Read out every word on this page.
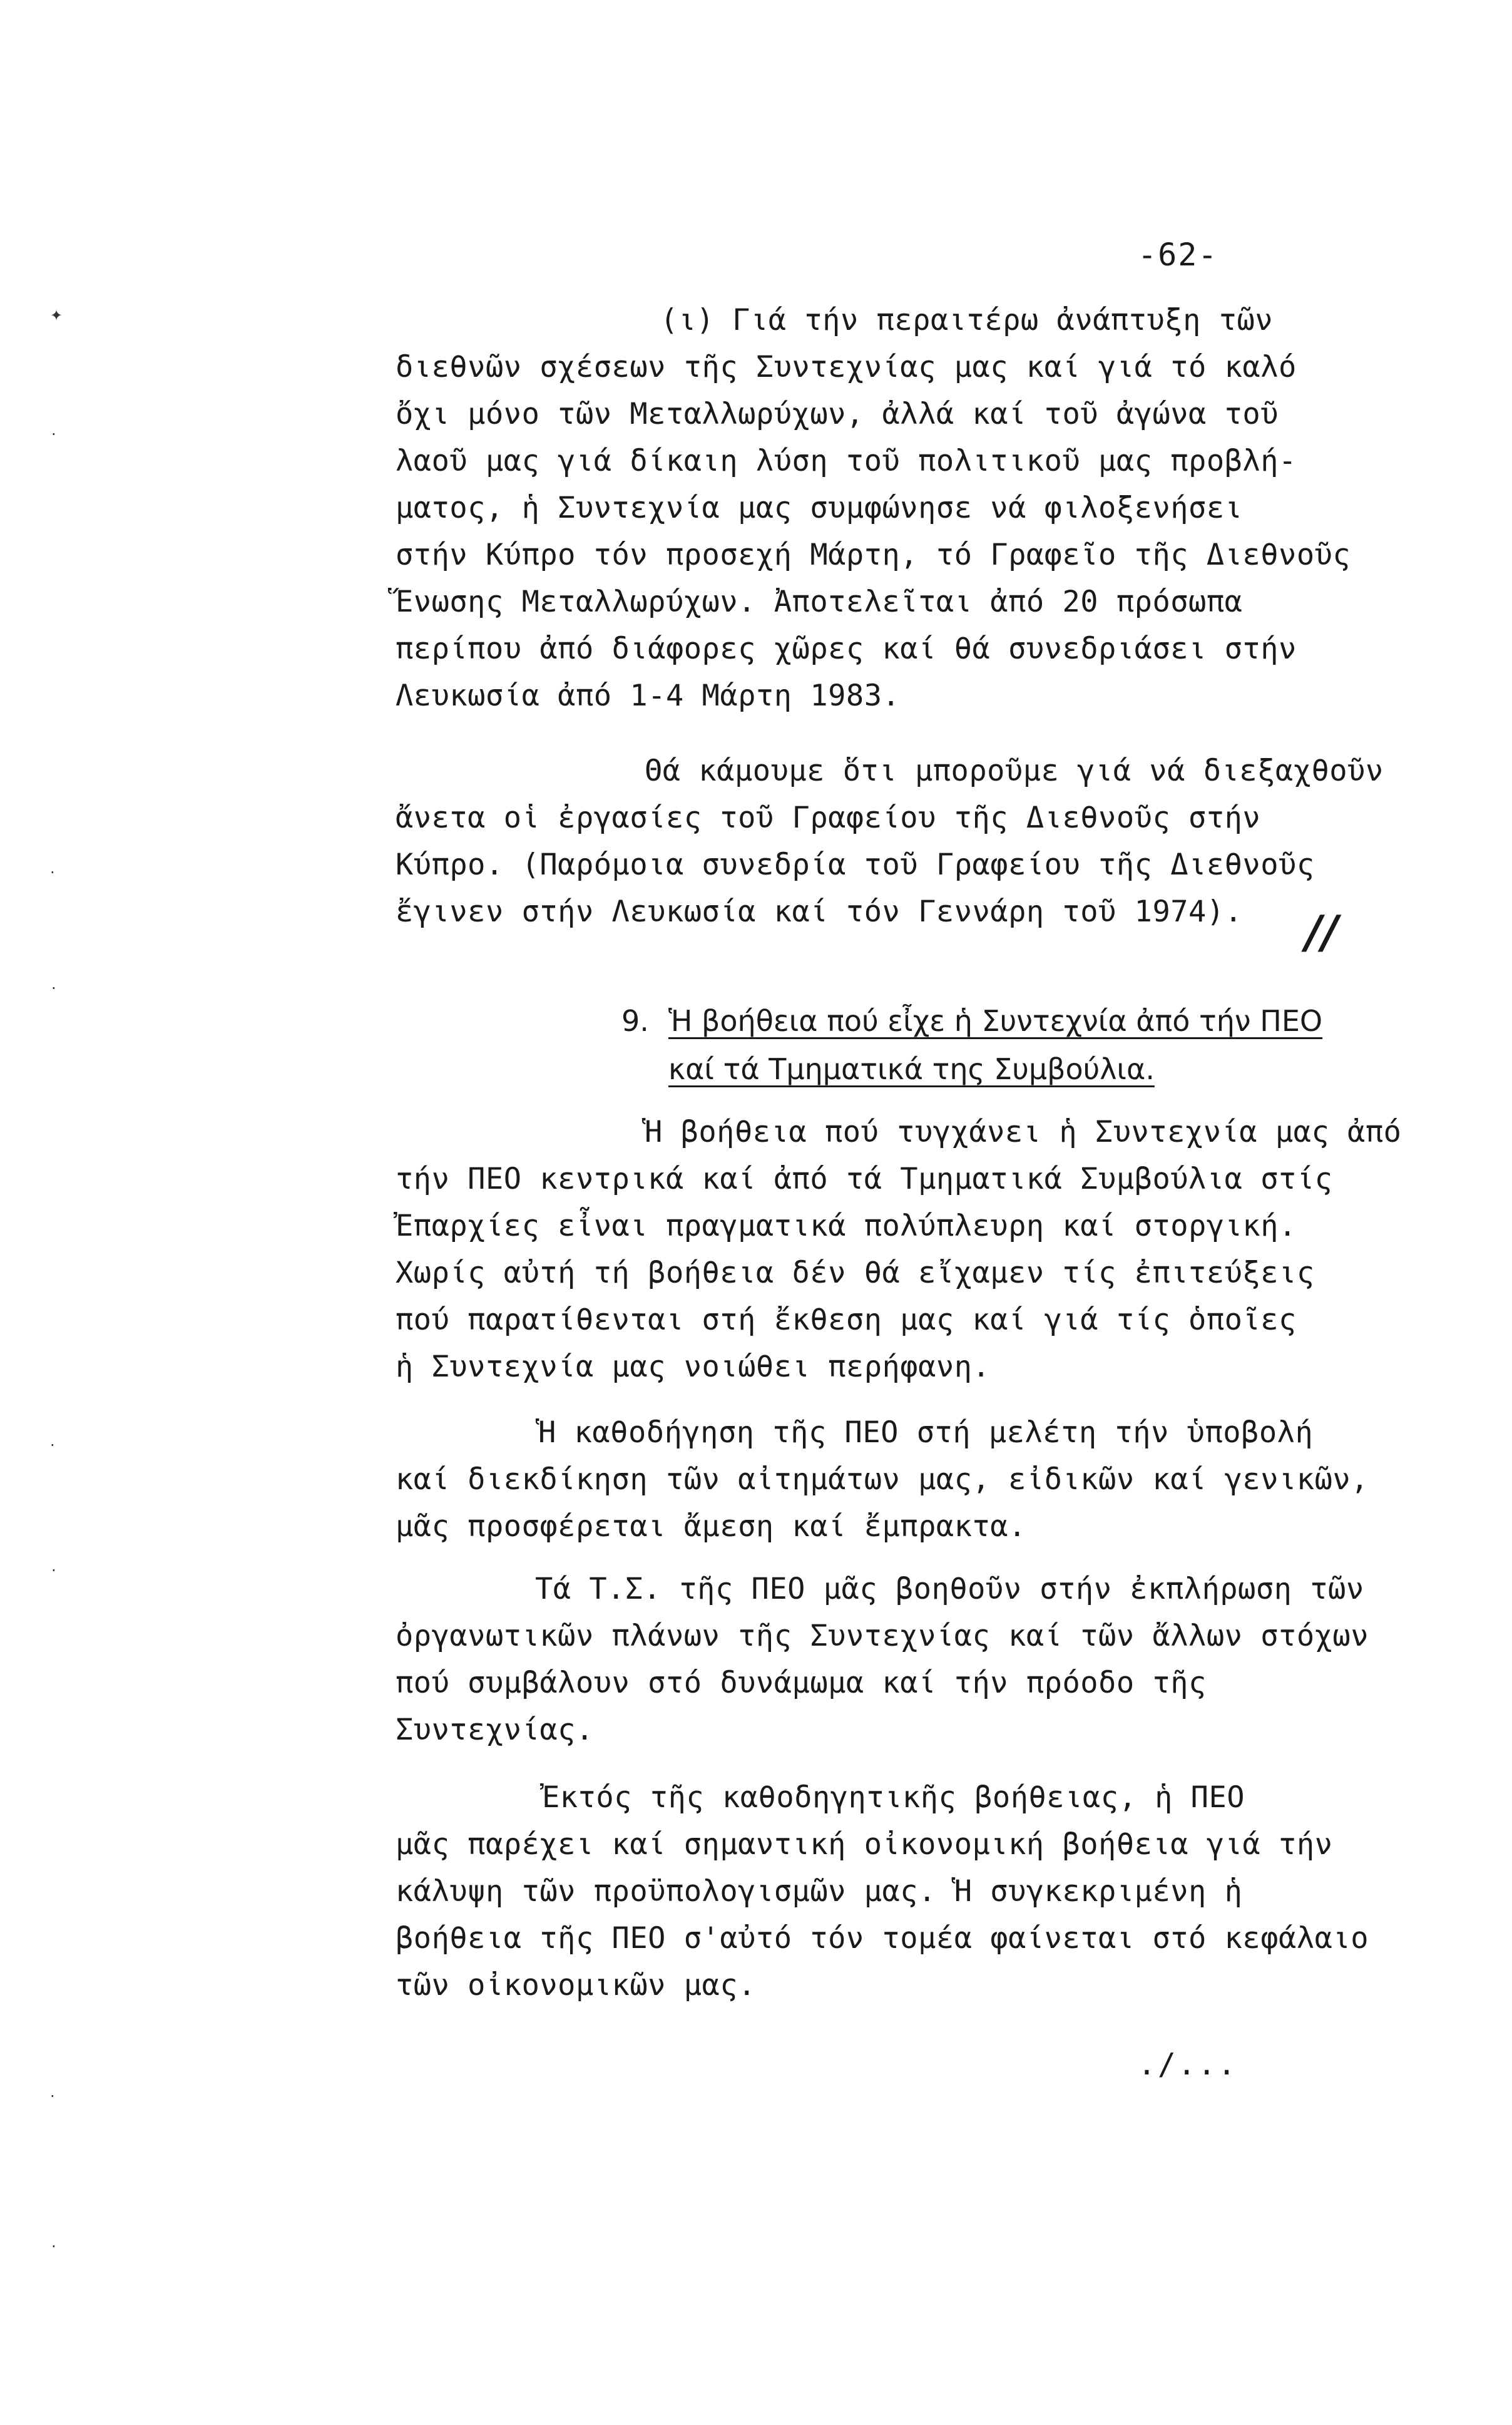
-62-
(ι) Γιά τήν περαιτέρω ἀνάπτυξη τῶν
διεθνῶν σχέσεων τῆς Συντεχνίας μας καί γιά τό καλό
ὄχι μόνο τῶν Μεταλλωρύχων, ἀλλά καί τοῦ ἀγώνα τοῦ
λαοῦ μας γιά δίκαιη λύση τοῦ πολιτικοῦ μας προβλή-
ματος, ἡ Συντεχνία μας συμφώνησε νά φιλοξενήσει
στήν Κύπρο τόν προσεχή Μάρτη, τό Γραφεῖο τῆς Διεθνοῦς
Ἕνωσης Μεταλλωρύχων. Ἀποτελεῖται ἀπό 20 πρόσωπα
περίπου ἀπό διάφορες χῶρες καί θά συνεδριάσει στήν
Λευκωσία ἀπό 1-4 Μάρτη 1983.
Θά κάμουμε ὅτι μποροῦμε γιά νά διεξαχθοῦν
ἄνετα οἱ ἐργασίες τοῦ Γραφείου τῆς Διεθνοῦς στήν
Κύπρο. (Παρόμοια συνεδρία τοῦ Γραφείου τῆς Διεθνοῦς
ἔγινεν στήν Λευκωσία καί τόν Γεννάρη τοῦ 1974). //
9. Ἡ βοήθεια πού εἶχε ἡ Συντεχνία ἀπό τήν ΠΕΟ
καί τά Τμηματικά της Συμβούλια.
Ἡ βοήθεια πού τυγχάνει ἡ Συντεχνία μας ἀπό
τήν ΠΕΟ κεντρικά καί ἀπό τά Τμηματικά Συμβούλια στίς
Ἐπαρχίες εἶναι πραγματικά πολύπλευρη καί στοργική.
Χωρίς αὐτή τή βοήθεια δέν θά εἴχαμεν τίς ἐπιτεύξεις
πού παρατίθενται στή ἔκθεση μας καί γιά τίς ὁποῖες
ἡ Συντεχνία μας νοιώθει περήφανη.
Ἡ καθοδήγηση τῆς ΠΕΟ στή μελέτη τήν ὑποβολή
καί διεκδίκηση τῶν αἰτημάτων μας, εἰδικῶν καί γενικῶν,
μᾶς προσφέρεται ἄμεση καί ἔμπρακτα.
Τά Τ.Σ. τῆς ΠΕΟ μᾶς βοηθοῦν στήν ἐκπλήρωση τῶν
ὀργανωτικῶν πλάνων τῆς Συντεχνίας καί τῶν ἄλλων στόχων
πού συμβάλουν στό δυνάμωμα καί τήν πρόοδο τῆς
Συντεχνίας.
Ἐκτός τῆς καθοδηγητικῆς βοήθειας, ἡ ΠΕΟ
μᾶς παρέχει καί σημαντική οἰκονομική βοήθεια γιά τήν
κάλυψη τῶν προϋπολογισμῶν μας. Ἡ συγκεκριμένη ἡ
βοήθεια τῆς ΠΕΟ σ'αὐτό τόν τομέα φαίνεται στό κεφάλαιο
τῶν οἰκονομικῶν μας.
./...
✦
·
·
·
·
·
·
·
